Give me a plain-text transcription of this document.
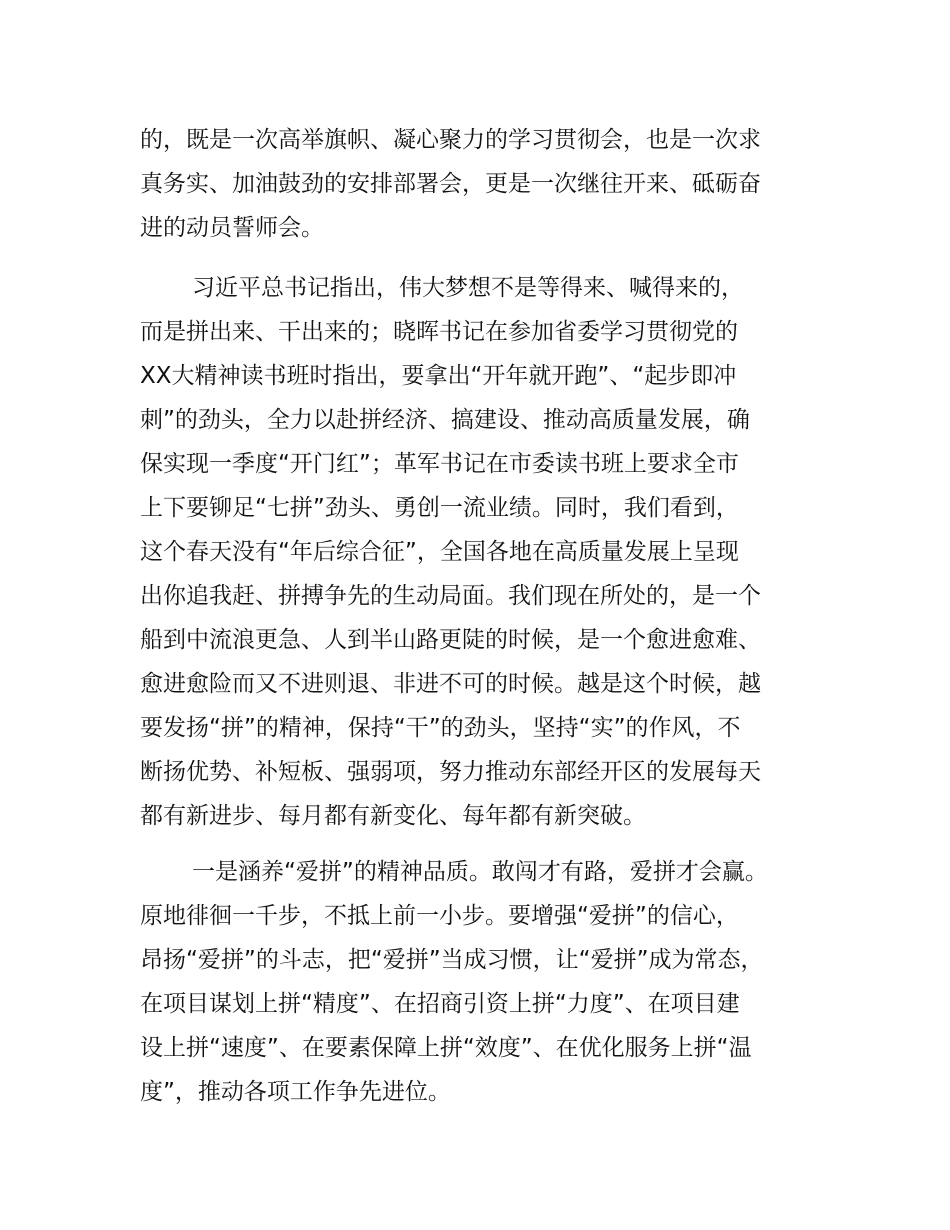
的，既是一次高举旗帜、凝心聚力的学习贯彻会，也是一次求
真务实、加油鼓劲的安排部署会，更是一次继往开来、砥砺奋
进的动员誓师会。
习近平总书记指出，伟大梦想不是等得来、喊得来的，
而是拼出来、干出来的；晓晖书记在参加省委学习贯彻党的
XX大精神读书班时指出，要拿出“开年就开跑”、“起步即冲
刺”的劲头，全力以赴拼经济、搞建设、推动高质量发展，确
保实现一季度“开门红”；革军书记在市委读书班上要求全市
上下要铆足“七拼”劲头、勇创一流业绩。同时，我们看到，
这个春天没有“年后综合征”，全国各地在高质量发展上呈现
出你追我赶、拼搏争先的生动局面。我们现在所处的，是一个
船到中流浪更急、人到半山路更陡的时候，是一个愈进愈难、
愈进愈险而又不进则退、非进不可的时候。越是这个时候，越
要发扬“拼”的精神，保持“干”的劲头，坚持“实”的作风，不
断扬优势、补短板、强弱项，努力推动东部经开区的发展每天
都有新进步、每月都有新变化、每年都有新突破。
一是涵养“爱拼”的精神品质。敢闯才有路，爱拼才会赢。
原地徘徊一千步，不抵上前一小步。要增强“爱拼”的信心，
昂扬“爱拼”的斗志，把“爱拼”当成习惯，让“爱拼”成为常态，
在项目谋划上拼“精度”、在招商引资上拼“力度”、在项目建
设上拼“速度”、在要素保障上拼“效度”、在优化服务上拼“温
度”，推动各项工作争先进位。
